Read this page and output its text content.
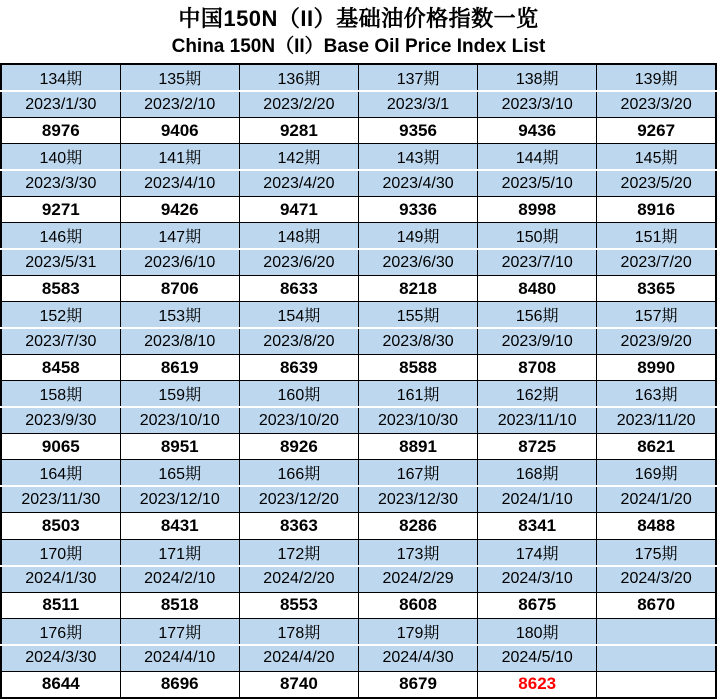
中国150N（II）基础油价格指数一览
China 150N（II）Base Oil Price Index List
134期	135期	136期	137期	138期	139期
2023/1/30	2023/2/10	2023/2/20	2023/3/1	2023/3/10	2023/3/20
8976	9406	9281	9356	9436	9267
140期	141期	142期	143期	144期	145期
2023/3/30	2023/4/10	2023/4/20	2023/4/30	2023/5/10	2023/5/20
9271	9426	9471	9336	8998	8916
146期	147期	148期	149期	150期	151期
2023/5/31	2023/6/10	2023/6/20	2023/6/30	2023/7/10	2023/7/20
8583	8706	8633	8218	8480	8365
152期	153期	154期	155期	156期	157期
2023/7/30	2023/8/10	2023/8/20	2023/8/30	2023/9/10	2023/9/20
8458	8619	8639	8588	8708	8990
158期	159期	160期	161期	162期	163期
2023/9/30	2023/10/10	2023/10/20	2023/10/30	2023/11/10	2023/11/20
9065	8951	8926	8891	8725	8621
164期	165期	166期	167期	168期	169期
2023/11/30	2023/12/10	2023/12/20	2023/12/30	2024/1/10	2024/1/20
8503	8431	8363	8286	8341	8488
170期	171期	172期	173期	174期	175期
2024/1/30	2024/2/10	2024/2/20	2024/2/29	2024/3/10	2024/3/20
8511	8518	8553	8608	8675	8670
176期	177期	178期	179期	180期	
2024/3/30	2024/4/10	2024/4/20	2024/4/30	2024/5/10	
8644	8696	8740	8679	8623	
